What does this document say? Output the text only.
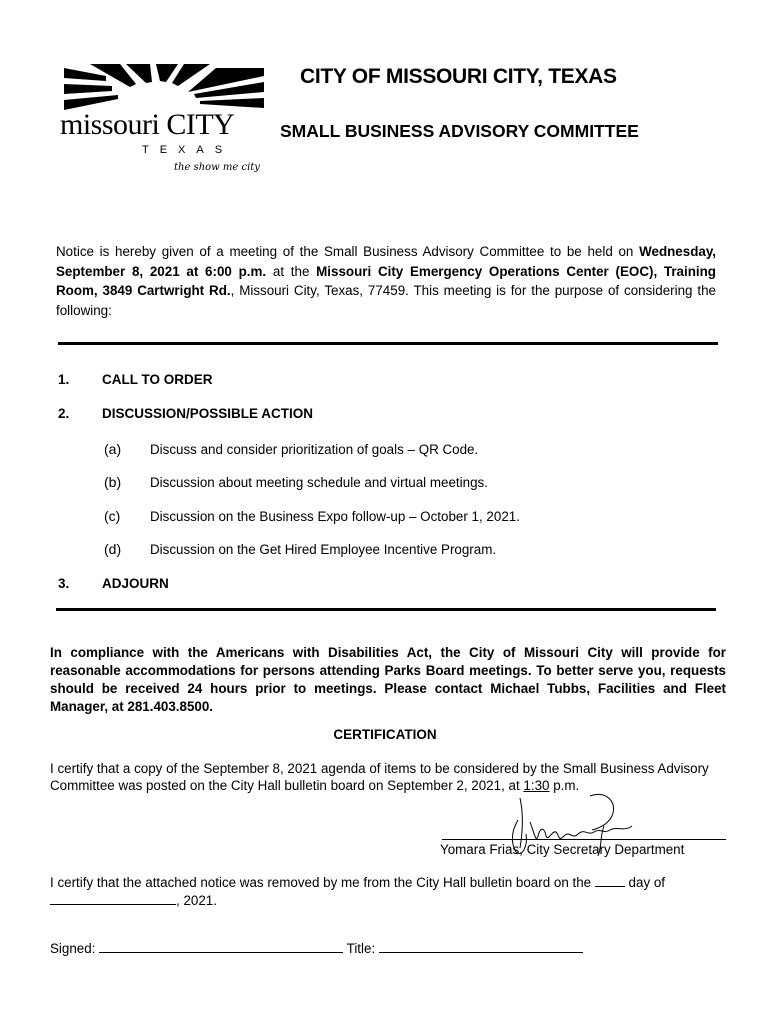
missouri CITY
TEXAS
the show me city
CITY OF MISSOURI CITY, TEXAS
SMALL BUSINESS ADVISORY COMMITTEE
Notice is hereby given of a meeting of the Small Business Advisory Committee to be held on Wednesday, September 8, 2021 at 6:00 p.m. at the Missouri City Emergency Operations Center (EOC), Training Room, 3849 Cartwright Rd., Missouri City, Texas, 77459. This meeting is for the purpose of considering the following:
1. CALL TO ORDER
2. DISCUSSION/POSSIBLE ACTION
(a) Discuss and consider prioritization of goals – QR Code.
(b) Discussion about meeting schedule and virtual meetings.
(c) Discussion on the Business Expo follow-up – October 1, 2021.
(d) Discussion on the Get Hired Employee Incentive Program.
3. ADJOURN
In compliance with the Americans with Disabilities Act, the City of Missouri City will provide for reasonable accommodations for persons attending Parks Board meetings. To better serve you, requests should be received 24 hours prior to meetings. Please contact Michael Tubbs, Facilities and Fleet Manager, at 281.403.8500.
CERTIFICATION
I certify that a copy of the September 8, 2021 agenda of items to be considered by the Small Business Advisory Committee was posted on the City Hall bulletin board on September 2, 2021, at 1:30 p.m.
Yomara Frias, City Secretary Department
I certify that the attached notice was removed by me from the City Hall bulletin board on the  day of
, 2021.
Signed:	Title:
